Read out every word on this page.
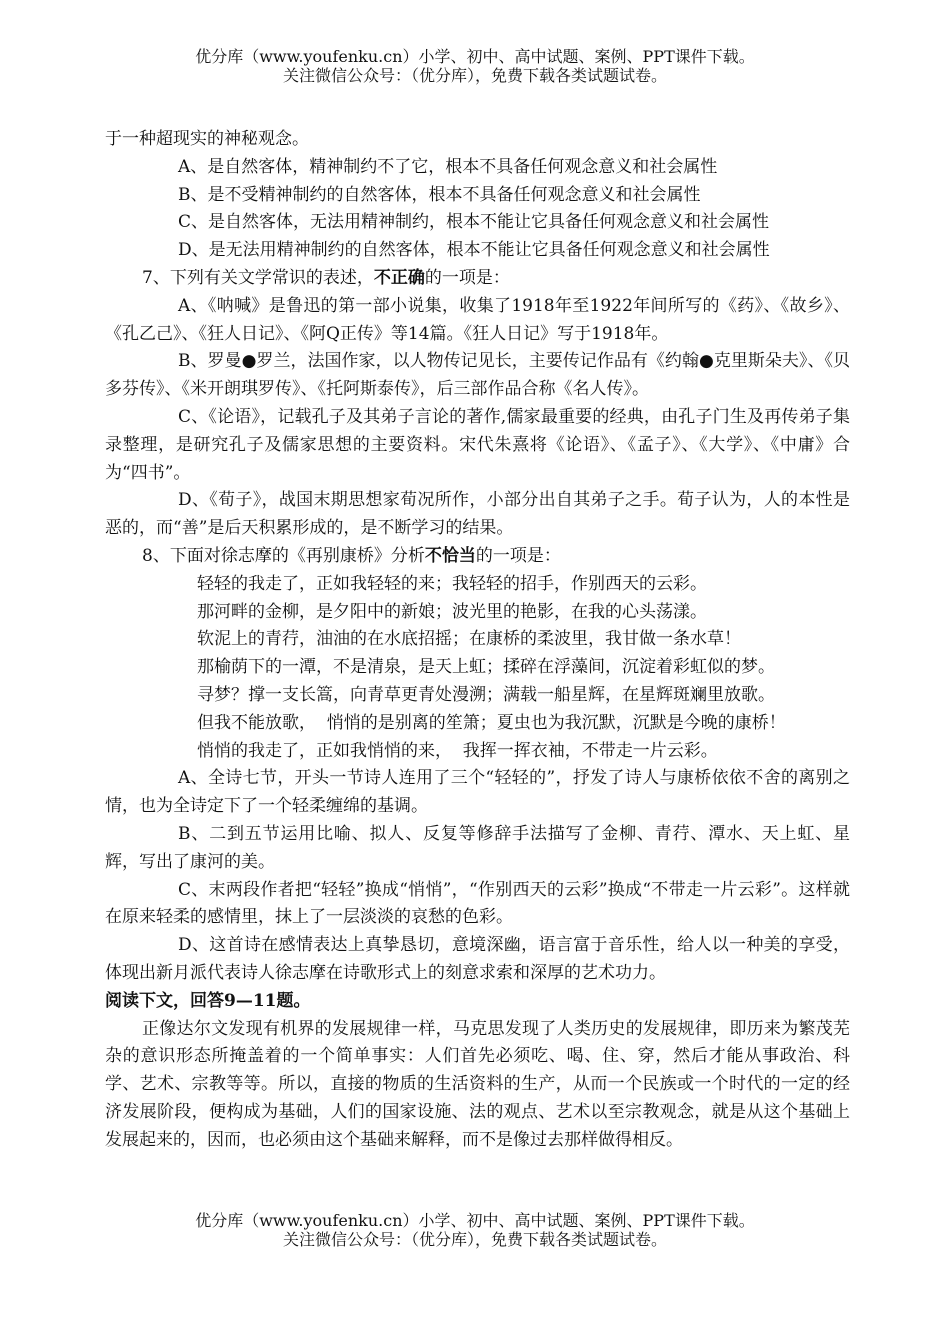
优分库（www.youfenku.cn）小学、初中、高中试题、案例、PPT课件下载。
关注微信公众号：（优分库），免费下载各类试题试卷。

于一种超现实的神秘观念。

A、是自然客体，精神制约不了它，根本不具备任何观念意义和社会属性

B、是不受精神制约的自然客体，根本不具备任何观念意义和社会属性

C、是自然客体，无法用精神制约，根本不能让它具备任何观念意义和社会属性

D、是无法用精神制约的自然客体，根本不能让它具备任何观念意义和社会属性

7、下列有关文学常识的表述，不正确的一项是：

A、《呐喊》是鲁迅的第一部小说集，收集了1918年至1922年间所写的《药》、《故乡》、《孔乙己》、《狂人日记》、《阿Q正传》等14篇。《狂人日记》写于1918年。

B、罗曼●罗兰，法国作家，以人物传记见长，主要传记作品有《约翰●克里斯朵夫》、《贝多芬传》、《米开朗琪罗传》、《托阿斯泰传》，后三部作品合称《名人传》。

C、《论语》，记载孔子及其弟子言论的著作,儒家最重要的经典，由孔子门生及再传弟子集录整理，是研究孔子及儒家思想的主要资料。宋代朱熹将《论语》、《孟子》、《大学》、《中庸》合为“四书”。

D、《荀子》，战国末期思想家荀况所作，小部分出自其弟子之手。荀子认为，人的本性是恶的，而“善”是后天积累形成的，是不断学习的结果。

8、下面对徐志摩的《再别康桥》分析不恰当的一项是：

轻轻的我走了，正如我轻轻的来；我轻轻的招手，作别西天的云彩。

那河畔的金柳，是夕阳中的新娘；波光里的艳影，在我的心头荡漾。

软泥上的青荇，油油的在水底招摇；在康桥的柔波里，我甘做一条水草！

那榆荫下的一潭，不是清泉，是天上虹；揉碎在浮藻间，沉淀着彩虹似的梦。

寻梦？撑一支长篙，向青草更青处漫溯；满载一船星辉，在星辉斑斓里放歌。

但我不能放歌，  悄悄的是别离的笙箫；夏虫也为我沉默，沉默是今晚的康桥！

悄悄的我走了，正如我悄悄的来，  我挥一挥衣袖，不带走一片云彩。

A、全诗七节，开头一节诗人连用了三个“轻轻的”，抒发了诗人与康桥依依不舍的离别之情，也为全诗定下了一个轻柔缠绵的基调。

B、二到五节运用比喻、拟人、反复等修辞手法描写了金柳、青荇、潭水、天上虹、星辉，写出了康河的美。

C、末两段作者把“轻轻”换成“悄悄”，“作别西天的云彩”换成“不带走一片云彩”。这样就在原来轻柔的感情里，抹上了一层淡淡的哀愁的色彩。

D、这首诗在感情表达上真挚恳切，意境深幽，语言富于音乐性，给人以一种美的享受，体现出新月派代表诗人徐志摩在诗歌形式上的刻意求索和深厚的艺术功力。

阅读下文，回答9—11题。

正像达尔文发现有机界的发展规律一样，马克思发现了人类历史的发展规律，即历来为繁茂芜杂的意识形态所掩盖着的一个简单事实：人们首先必须吃、喝、住、穿，然后才能从事政治、科学、艺术、宗教等等。所以，直接的物质的生活资料的生产，从而一个民族或一个时代的一定的经济发展阶段，便构成为基础，人们的国家设施、法的观点、艺术以至宗教观念，就是从这个基础上发展起来的，因而，也必须由这个基础来解释，而不是像过去那样做得相反。

优分库（www.youfenku.cn）小学、初中、高中试题、案例、PPT课件下载。
关注微信公众号：（优分库），免费下载各类试题试卷。
